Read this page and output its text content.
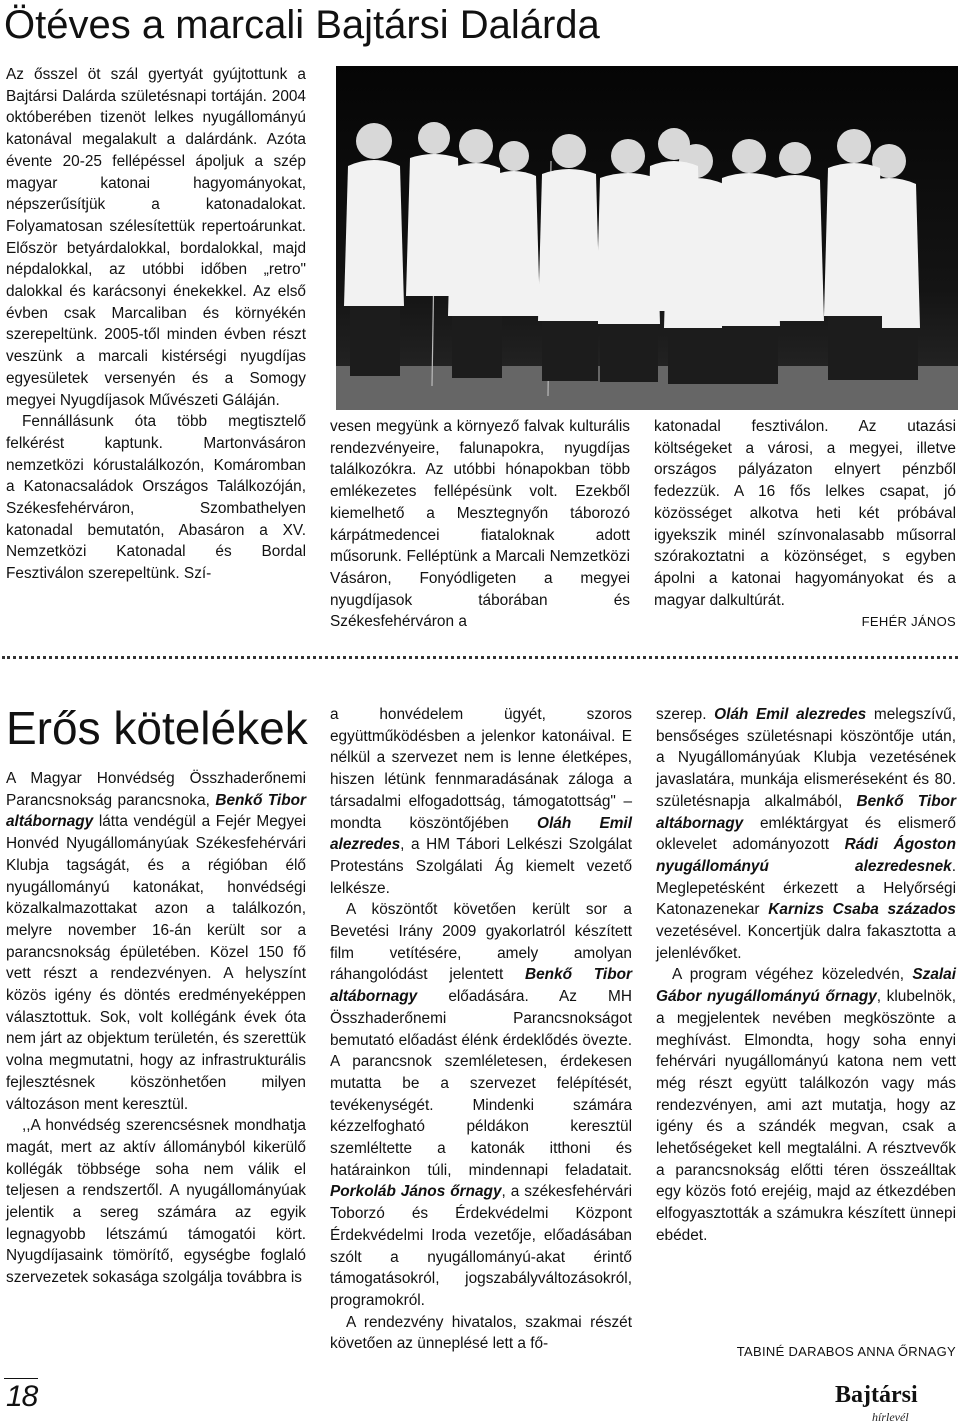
Ötéves a marcali Bajtársi Dalárda

Az ősszel öt szál gyertyát gyújtottunk a Bajtársi Dalárda születésnapi tortáján. 2004 októberében tizenöt lelkes nyugállományú katonával megalakult a dalárdánk. Azóta évente 20-25 fellépéssel ápoljuk a szép magyar katonai hagyományokat, népszerűsítjük a katonadalokat. Folyamatosan szélesítettük repertoárunkat. Először betyárdalokkal, bordalokkal, majd népdalokkal, az utóbbi időben „retro" dalokkal és karácsonyi énekekkel. Az első évben csak Marcaliban és környékén szerepeltünk. 2005-től minden évben részt veszünk a marcali kistérségi nyugdíjas egyesületek versenyén és a Somogy megyei Nyugdíjasok Művészeti Gáláján.

Fennállásunk óta több megtisztelő felkérést kaptunk. Martonvásáron nemzetközi kórustalálkozón, Komáromban a Katonacsaládok Országos Találkozóján, Székesfehérváron, Szombathelyen katonadal bemutatón, Abasáron a XV. Nemzetközi Katonadal és Bordal Fesztiválon szerepeltünk. Szí-

vesen megyünk a környező falvak kulturális rendezvényeire, falunapokra, nyugdíjas találkozókra. Az utóbbi hónapokban több emlékezetes fellépésünk volt. Ezekből kiemelhető a Mesztegnyőn táborozó kárpátmedencei fiataloknak adott műsorunk. Felléptünk a Marcali Nemzetközi Vásáron, Fonyódligeten a megyei nyugdíjasok táborában és Székesfehérváron a

katonadal fesztiválon. Az utazási költségeket a városi, a megyei, illetve országos pályázaton elnyert pénzből fedezzük. A 16 fős lelkes csapat, jó közösséget alkotva heti két próbával igyekszik minél színvonalasabb műsorral szórakoztatni a közönséget, s egyben ápolni a katonai hagyományokat és a magyar dalkultúrát.

FEHÉR JÁNOS

Erős kötelékek

A Magyar Honvédség Összhaderőnemi Parancsnokság parancsnoka, Benkő Tibor altábornagy látta vendégül a Fejér Megyei Honvéd Nyugállományúak Székesfehérvári Klubja tagságát, és a régióban élő nyugállományú katonákat, honvédségi közalkalmazottakat azon a találkozón, melyre november 16-án került sor a parancsnokság épületében. Közel 150 fő vett részt a rendezvényen. A helyszínt közös igény és döntés eredményeképpen választottuk. Sok, volt kollégánk évek óta nem járt az objektum területén, és szerettük volna megmutatni, hogy az infrastrukturális fejlesztésnek köszönhetően milyen változáson ment keresztül.

,,A honvédség szerencsésnek mondhatja magát, mert az aktív állományból kikerülő kollégák többsége soha nem válik el teljesen a rendszertől. A nyugállományúak jelentik a sereg számára az egyik legnagyobb létszámú támogatói kört. Nyugdíjasaink tömörítő, egységbe foglaló szervezetek sokasága szolgálja továbbra is

a honvédelem ügyét, szoros együttműködésben a jelenkor katonáival. E nélkül a szervezet nem is lenne életképes, hiszen létünk fennmaradásának záloga a társadalmi elfogadottság, támogatottság" – mondta köszöntőjében Oláh Emil alezredes, a HM Tábori Lelkészi Szolgálat Protestáns Szolgálati Ág kiemelt vezető lelkésze.

A köszöntőt követően került sor a Bevetési Irány 2009 gyakorlatról készített film vetítésére, amely amolyan ráhangolódást jelentett Benkő Tibor altábornagy előadására. Az MH Összhaderőnemi Parancsnokságot bemutató előadást élénk érdeklődés övezte. A parancsnok szemléletesen, érdekesen mutatta be a szervezet felépítését, tevékenységét. Mindenki számára kézzelfogható példákon keresztül szemléltette a katonák itthoni és határainkon túli, mindennapi feladatait. Porkoláb János őrnagy, a székesfehérvári Toborzó és Érdekvédelmi Központ Érdekvédelmi Iroda vezetője, előadásában szólt a nyugállományú-akat érintő támogatásokról, jogszabályváltozásokról, programokról.

A rendezvény hivatalos, szakmai részét követően az ünneplésé lett a fő-

szerep. Oláh Emil alezredes melegszívű, bensőséges születésnapi köszöntője után, a Nyugállományúak Klubja vezetésének javaslatára, munkája elismeréseként és 80. születésnapja alkalmából, Benkő Tibor altábornagy emléktárgyat és elismerő oklevelet adományozott Rádi Ágoston nyugállományú alezredesnek. Meglepetésként érkezett a Helyőrségi Katonazenekar Karnizs Csaba százados vezetésével. Koncertjük dalra fakasztotta a jelenlévőket.

A program végéhez közeledvén, Szalai Gábor nyugállományú őrnagy, klubelnök, a megjelentek nevében megköszönte a meghívást. Elmondta, hogy soha ennyi fehérvári nyugállományú katona nem vett még részt együtt találkozón vagy más rendezvényen, ami azt mutatja, hogy az igény és a szándék megvan, csak a lehetőségeket kell megtalálni. A résztvevők a parancsnokság előtti téren összeálltak egy közös fotó erejéig, majd az étkezdében elfogyasztották a számukra készített ünnepi ebédet.

TABINÉ DARABOS ANNA ŐRNAGY

18	Bajtársi
hírlevél
